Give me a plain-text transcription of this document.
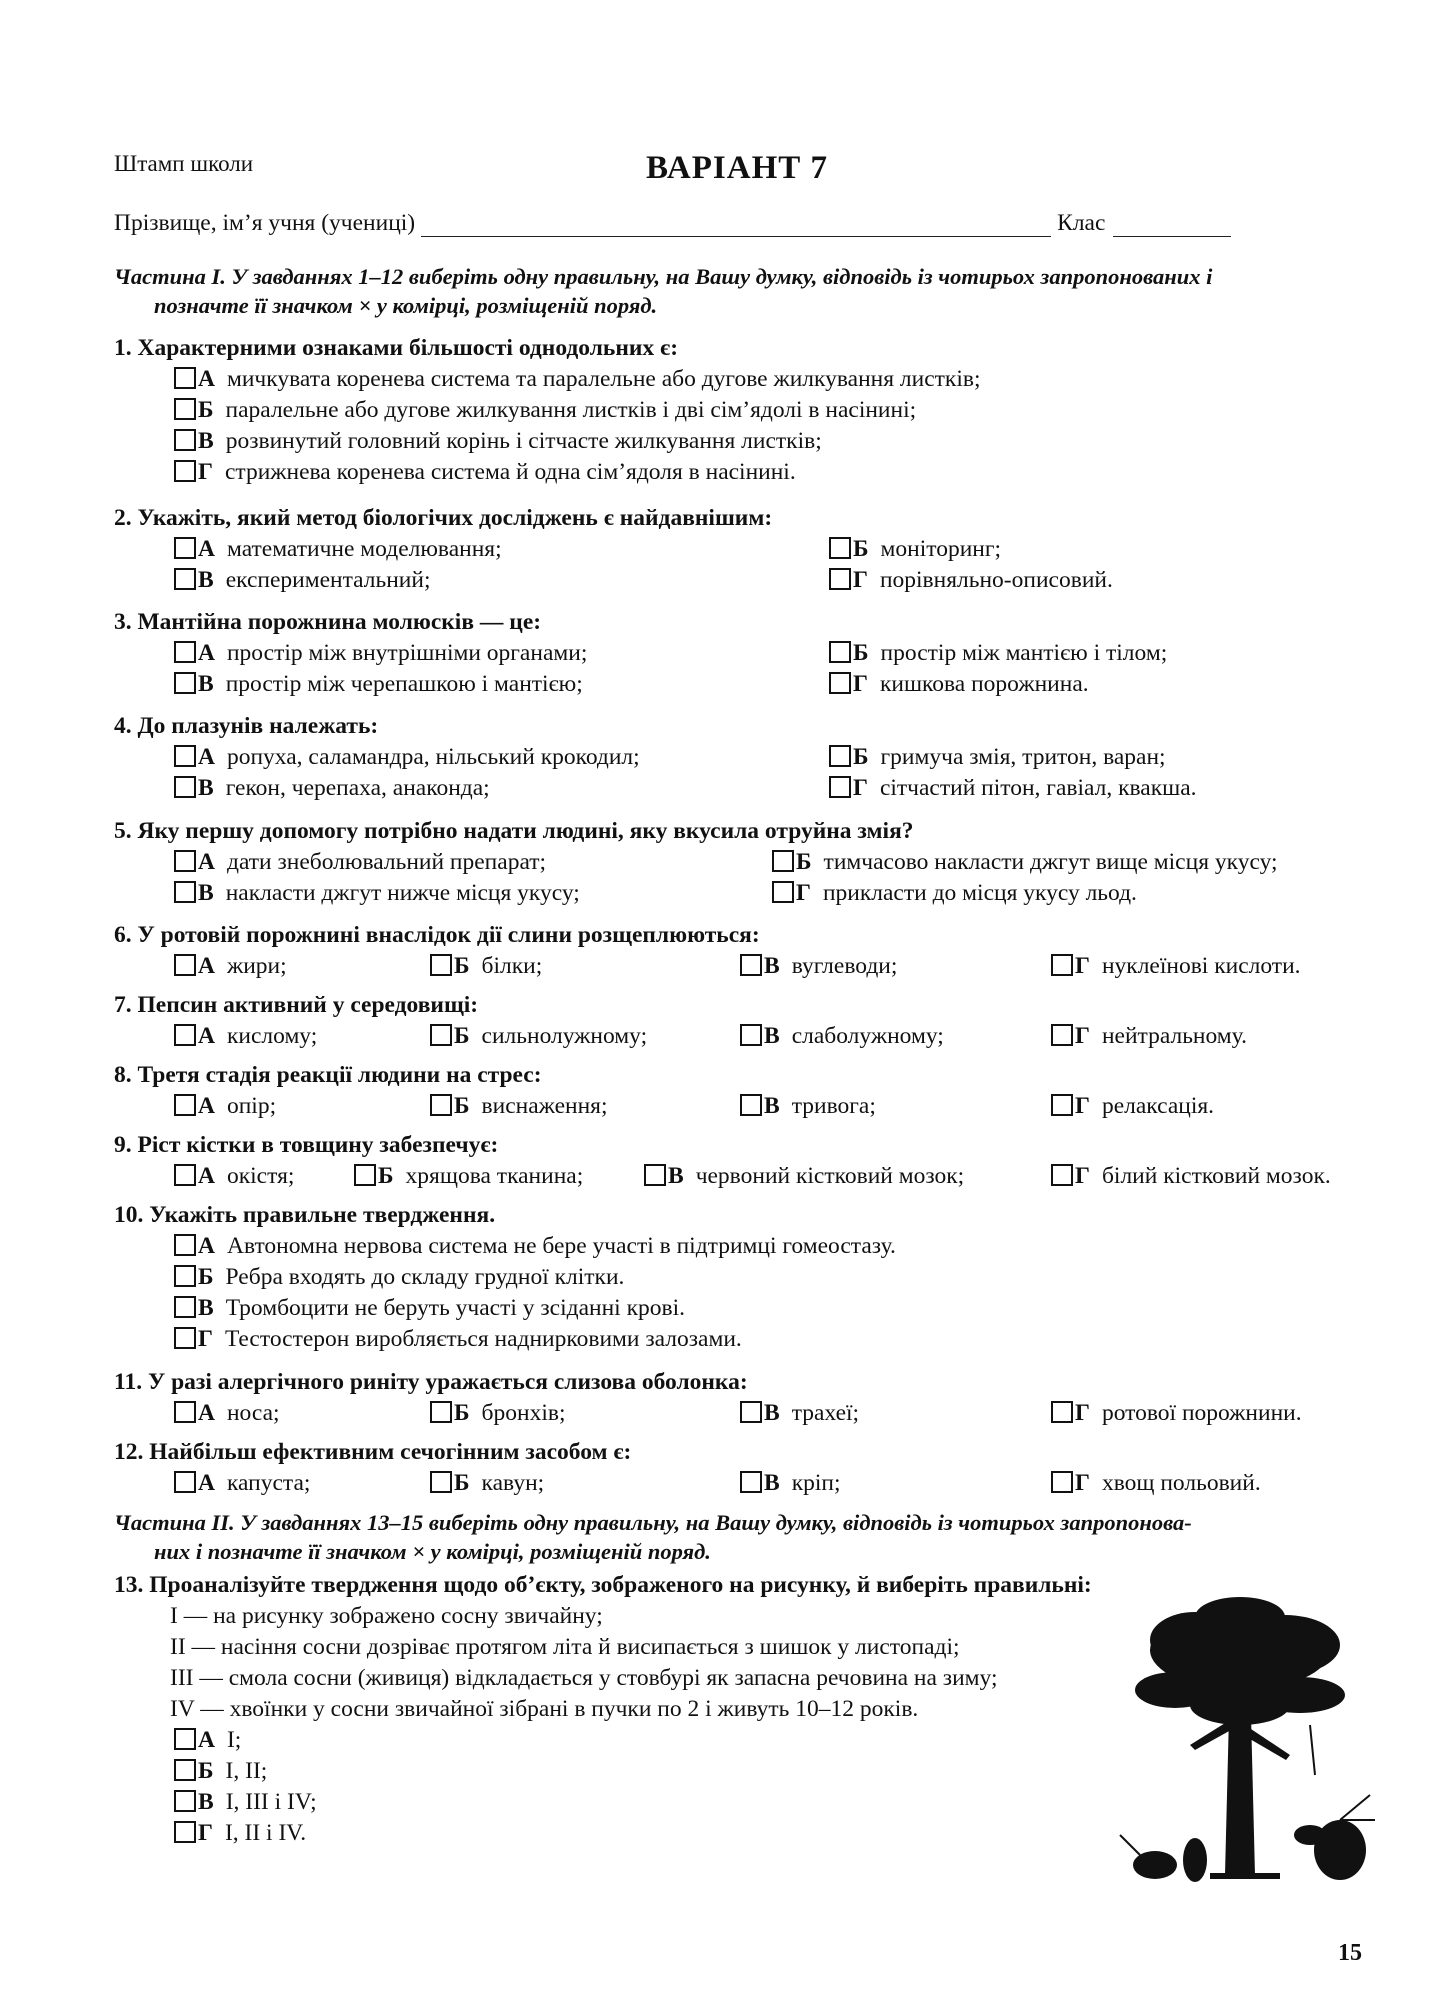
Штамп школи	ВАРІАНТ 7
Прізвище, ім’я учня (учениці)	Клас
Частина І. У завданнях 1–12 виберіть одну правильну, на Вашу думку, відповідь із чотирьох запропонованих і
позначте її значком × у комірці, розміщеній поряд.
1. Характерними ознаками більшості однодольних є:
А мичкувата коренева система та паралельне або дугове жилкування листків;
Б паралельне або дугове жилкування листків і дві сім’ядолі в насінині;
В розвинутий головний корінь і сітчасте жилкування листків;
Г стрижнева коренева система й одна сім’ядоля в насінині.
2. Укажіть, який метод біологічих досліджень є найдавнішим:
А математичне моделювання;	Б моніторинг;
В експериментальний;	Г порівняльно-описовий.
3. Мантійна порожнина молюсків — це:
А простір між внутрішніми органами;	Б простір між мантією і тілом;
В простір між черепашкою і мантією;	Г кишкова порожнина.
4. До плазунів належать:
А ропуха, саламандра, нільський крокодил;	Б гримуча змія, тритон, варан;
В гекон, черепаха, анаконда;	Г сітчастий пітон, гавіал, квакша.
5. Яку першу допомогу потрібно надати людині, яку вкусила отруйна змія?
А дати знеболювальний препарат;	Б тимчасово накласти джгут вище місця укусу;
В накласти джгут нижче місця укусу;	Г прикласти до місця укусу льод.
6. У ротовій порожнині внаслідок дії слини розщеплюються:
А жири;	Б білки;	В вуглеводи;	Г нуклеїнові кислоти.
7. Пепсин активний у середовищі:
А кислому;	Б сильнолужному;	В слаболужному;	Г нейтральному.
8. Третя стадія реакції людини на стрес:
А опір;	Б виснаження;	В тривога;	Г релаксація.
9. Ріст кістки в товщину забезпечує:
А окістя;	Б хрящова тканина;	В червоний кістковий мозок;	Г білий кістковий мозок.
10. Укажіть правильне твердження.
А Автономна нервова система не бере участі в підтримці гомеостазу.
Б Ребра входять до складу грудної клітки.
В Тромбоцити не беруть участі у зсіданні крові.
Г Тестостерон виробляється наднирковими залозами.
11. У разі алергічного риніту уражається слизова оболонка:
А носа;	Б бронхів;	В трахеї;	Г ротової порожнини.
12. Найбільш ефективним сечогінним засобом є:
А капуста;	Б кавун;	В кріп;	Г хвощ польовий.
Частина ІІ. У завданнях 13–15 виберіть одну правильну, на Вашу думку, відповідь із чотирьох запропонова-
них і позначте її значком × у комірці, розміщеній поряд.
13. Проаналізуйте твердження щодо об’єкту, зображеного на рисунку, й виберіть правильні:
І — на рисунку зображено сосну звичайну;
ІІ — насіння сосни дозріває протягом літа й висипається з шишок у листопаді;
ІІІ — смола сосни (живиця) відкладається у стовбурі як запасна речовина на зиму;
IV — хвоїнки у сосни звичайної зібрані в пучки по 2 і живуть 10–12 років.
А І;
Б І, ІІ;
В І, ІІІ і IV;
Г І, ІІ і IV.
15
